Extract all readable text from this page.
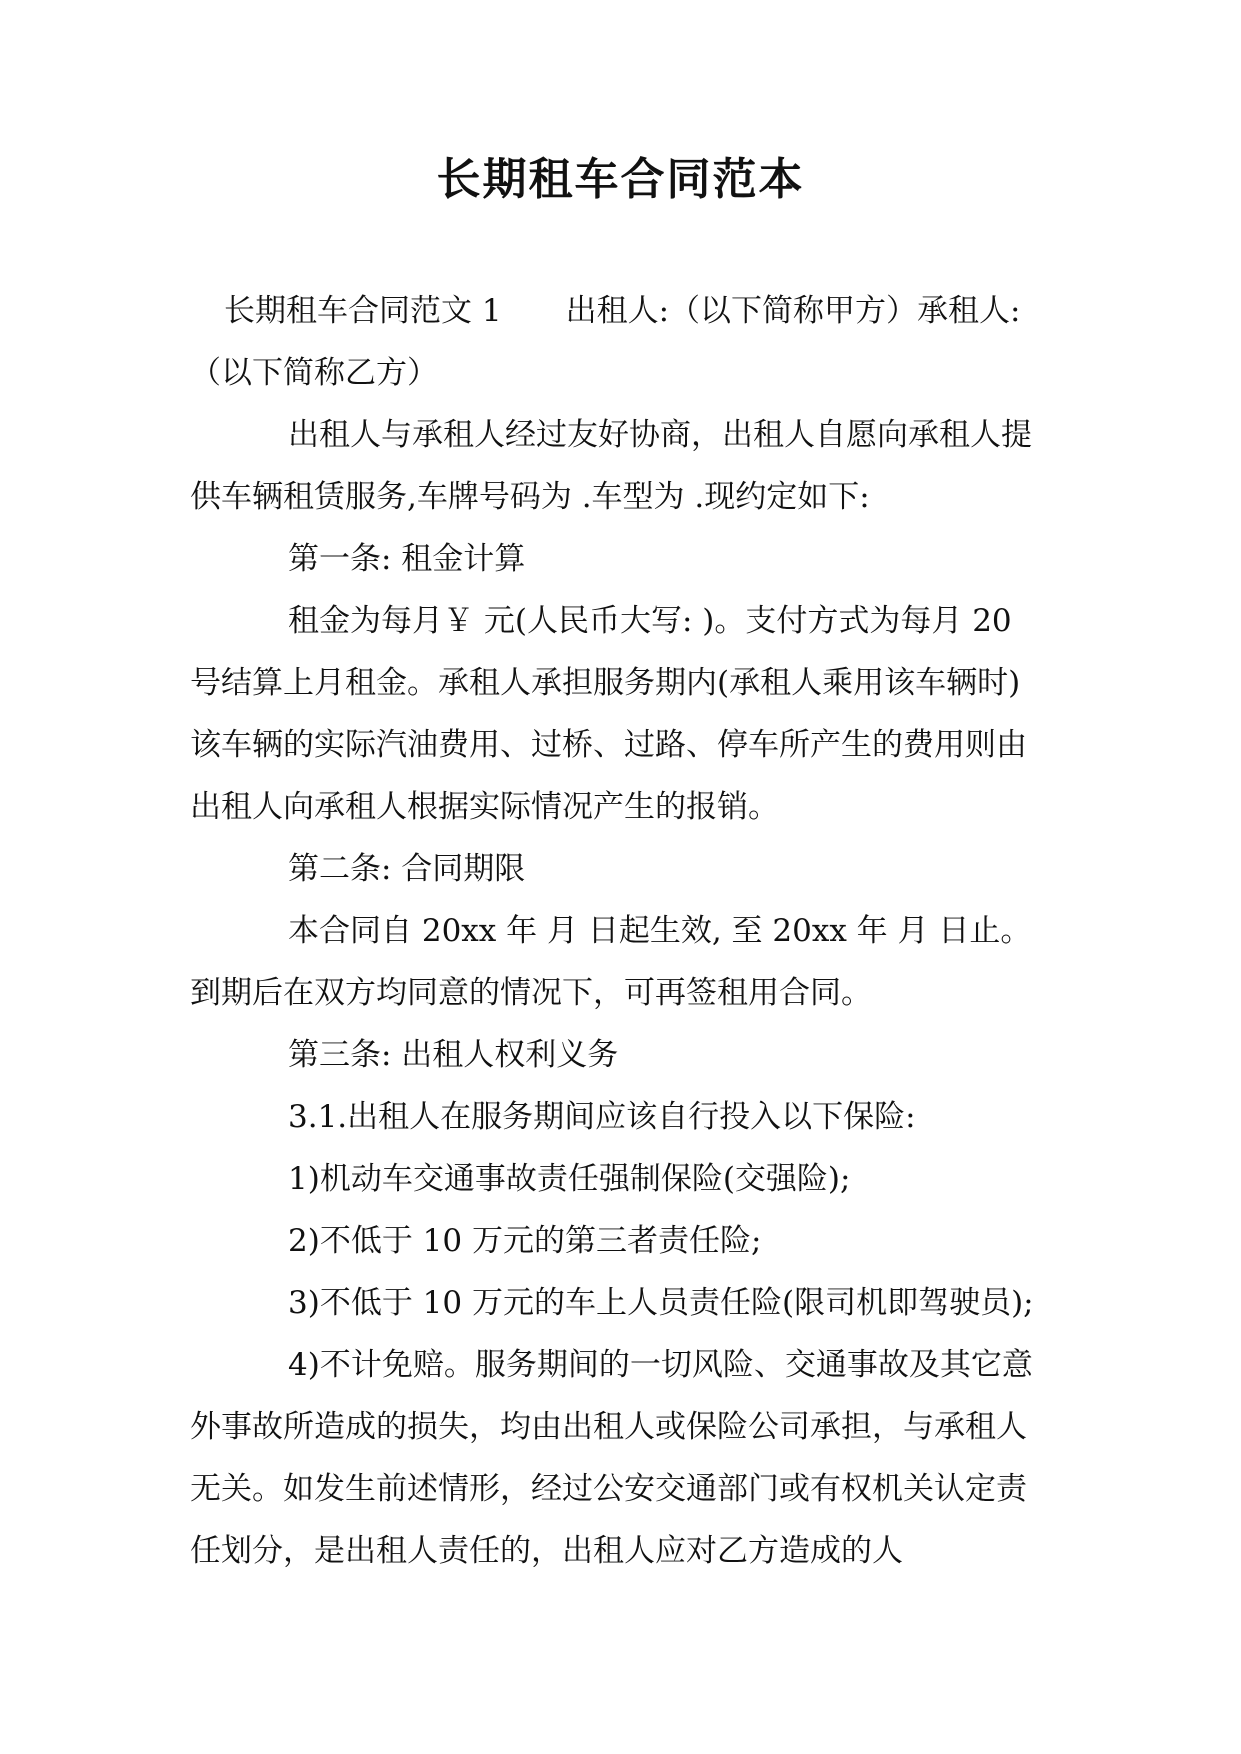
长期租车合同范本

长期租车合同范文 1 出租人:（以下简称甲方）承租人:（以下简称乙方）

出租人与承租人经过友好协商，出租人自愿向承租人提供车辆租赁服务,车牌号码为 .车型为 .现约定如下:

第一条: 租金计算

租金为每月￥ 元(人民币大写: )。支付方式为每月 20 号结算上月租金。承租人承担服务期内(承租人乘用该车辆时)该车辆的实际汽油费用、过桥、过路、停车所产生的费用则由出租人向承租人根据实际情况产生的报销。

第二条: 合同期限

本合同自 20xx 年 月 日起生效, 至 20xx 年 月 日止。到期后在双方均同意的情况下，可再签租用合同。

第三条: 出租人权利义务

3.1.出租人在服务期间应该自行投入以下保险:

1)机动车交通事故责任强制保险(交强险);

2)不低于 10 万元的第三者责任险;

3)不低于 10 万元的车上人员责任险(限司机即驾驶员);

4)不计免赔。服务期间的一切风险、交通事故及其它意外事故所造成的损失，均由出租人或保险公司承担，与承租人无关。如发生前述情形，经过公安交通部门或有权机关认定责任划分，是出租人责任的，出租人应对乙方造成的人
